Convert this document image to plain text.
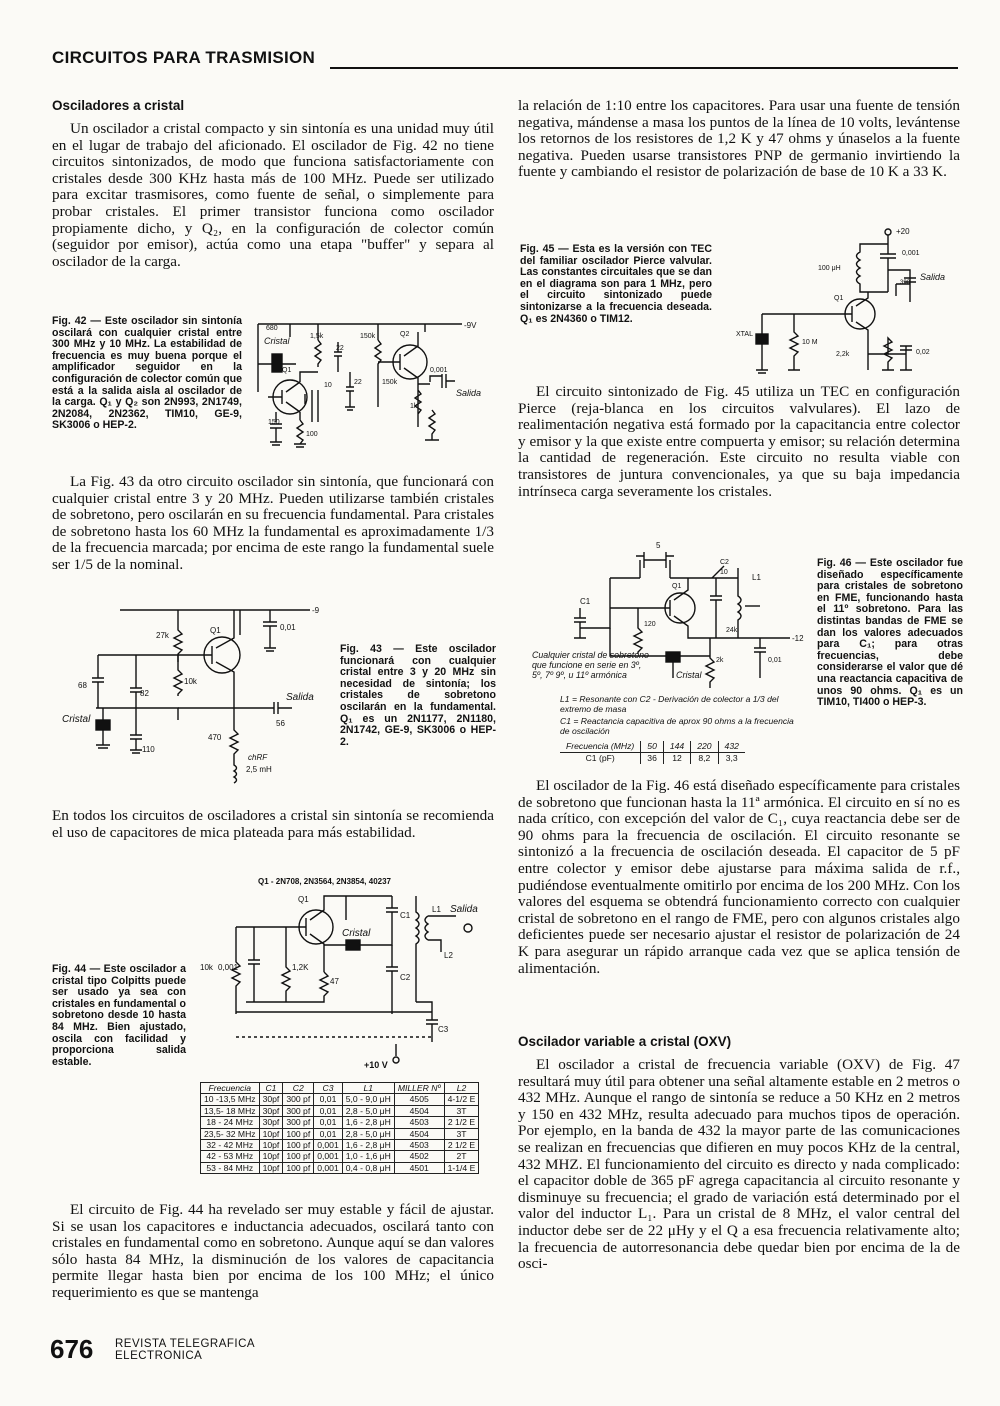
CIRCUITOS PARA TRASMISION
Osciladores a cristal

Un oscilador a cristal compacto y sin sintonía es una unidad muy útil en el lugar de trabajo del aficionado. El oscilador de Fig. 42 no tiene circuitos sintonizados, de modo que funciona satisfactoriamente con cristales desde 300 KHz hasta más de 100 MHz. Puede ser utilizado para excitar trasmisores, como fuente de señal, o simplemente para probar cristales. El primer transistor funciona como oscilador propiamente dicho, y Q₂, en la configuración de colector común (seguidor por emisor), actúa como una etapa "buffer" y separa al oscilador de la carga.

Fig. 42 — Este oscilador sin sintonía oscilará con cualquier cristal entre 300 MHz y 10 MHz. La estabilidad de frecuencia es muy buena porque el amplificador seguidor en la configuración de colector común que está a la salida aisla al oscilador de la carga. Q₁ y Q₂ son 2N993, 2N1749, 2N2084, 2N2362, TIM10, GE-9, SK3006 o HEP-2.
680
Cristal	1,5k	150k	Q2
-9V
22
Q1
10	22	150k
0,001
Salida
1k
150
100

La Fig. 43 da otro circuito oscilador sin sintonía, que funcionará con cualquier cristal entre 3 y 20 MHz. Pueden utilizarse también cristales de sobretono, pero oscilarán en su frecuencia fundamental. Para cristales de sobretono hasta los 60 MHz la fundamental es aproximadamente 1/3 de la frecuencia marcada; por encima de este rango la fundamental suele ser 1/5 de la nominal.

-9
0,01
27k
Q1
68
82
10k
Cristal
110
Salida
56
470
chRF
2,5 mH
Fig. 43 — Este oscilador funcionará con cualquier cristal entre 3 y 20 MHz sin necesidad de sintonía; los cristales de sobretono oscilarán en la fundamental. Q₁ es un 2N1177, 2N1180, 2N1742, GE-9, SK3006 o HEP-2.

En todos los circuitos de osciladores a cristal sin sintonía se recomienda el uso de capacitores de mica plateada para más estabilidad.

Q1 - 2N708, 2N3564, 2N3854, 40237
Q1
Cristal
C1
L1
L2
Salida
10k 0,001	1,2K
47	C2
C3
+10 V
Fig. 44 — Este oscilador a cristal tipo Colpitts puede ser usado ya sea con cristales en fundamental o sobretono desde 10 hasta 84 MHz. Bien ajustado, oscila con facilidad y proporciona salida estable.
Frecuencia	C1	C2	C3	L1	MILLER Nº	L2
10 -13,5 MHz	30pf	300 pf	0,01	5,0 - 9,0 μH	4505	4-1/2 E
13,5- 18 MHz	30pf	300 pf	0,01	2,8 - 5,0 μH	4504	3T
18 - 24 MHz	30pf	300 pf	0,01	1,6 - 2,8 μH	4503	2 1/2 E
23,5- 32 MHz	10pf	100 pf	0,01	2,8 - 5,0 μH	4504	3T
32 - 42 MHz	10pf	100 pf	0,001	1,6 - 2,8 μH	4503	2 1/2 E
42 - 53 MHz	10pf	100 pf	0,001	1,0 - 1,6 μH	4502	2T
53 - 84 MHz	10pf	100 pf	0,001	0,4 - 0,8 μH	4501	1-1/4 E

El circuito de Fig. 44 ha revelado ser muy estable y fácil de ajustar. Si se usan los capacitores e inductancia adecuados, oscilará tanto con cristales en fundamental como en sobretono. Aunque aquí se dan valores sólo hasta 84 MHz, la disminución de los valores de capacitancia permite llegar hasta bien por encima de los 100 MHz; el único requerimiento es que se mantenga

la relación de 1:10 entre los capacitores. Para usar una fuente de tensión negativa, mándense a masa los puntos de la línea de 10 volts, levántense los retornos de los resistores de 1,2 K y 47 ohms y únaselos a la fuente negativa. Pueden usarse transistores PNP de germanio invirtiendo la fuente y cambiando el resistor de polarización de base de 10 K a 33 K.

Fig. 45 — Esta es la versión con TEC del familiar oscilador Pierce valvular. Las constantes circuitales que se dan en el diagrama son para 1 MHz, pero el circuito sintonizado puede sintonizarse a la frecuencia deseada. Q₁ es 2N4360 o TIM12.
+20
0,001
100 μH
390
Salida
Q1
XTAL
10 M
2,2k	0,02

El circuito sintonizado de Fig. 45 utiliza un TEC en configuración Pierce (reja-blanca en los circuitos valvulares). El lazo de realimentación negativa está formado por la capacitancia entre colector y emisor y la que existe entre compuerta y emisor; su relación determina la cantidad de regeneración. Este circuito no resulta viable con transistores de juntura convencionales, ya que su baja impedancia intrínseca carga severamente los cristales.

5
C2
10
L1
Q1
C1
120
24k
-12
2k	0,01
Cristal
Cualquier cristal de sobretono que funcione en serie en 3º, 5º, 7º 9º, u 11º armónica
L1 = Resonante con C2 - Derivación de colector a 1/3 del extremo de masa
C1 = Reactancia capacitiva de aprox 90 ohms a la frecuencia de oscilación
Frecuencia (MHz)	50	144	220	432
C1 (pF)	36	12	8,2	3,3
Fig. 46 — Este oscilador fue diseñado específicamente para cristales de sobretono en FME, funcionando hasta el 11º sobretono. Para las distintas bandas de FME se dan los valores adecuados para C₁; para otras frecuencias, debe considerarse el valor que dé una reactancia capacitiva de unos 90 ohms. Q₁ es un TIM10, TI400 o HEP-3.

El oscilador de la Fig. 46 está diseñado específicamente para cristales de sobretono que funcionan hasta la 11ª armónica. El circuito en sí no es nada crítico, con excepción del valor de C₁, cuya reactancia debe ser de 90 ohms para la frecuencia de oscilación. El circuito resonante se sintonizó a la frecuencia de oscilación deseada. El capacitor de 5 pF entre colector y emisor debe ajustarse para máxima salida de r.f., pudiéndose eventualmente omitirlo por encima de los 200 MHz. Con los valores del esquema se obtendrá funcionamiento correcto con cualquier cristal de sobretono en el rango de FME, pero con algunos cristales algo deficientes puede ser necesario ajustar el resistor de polarización de 24 K para asegurar un rápido arranque cada vez que se aplica tensión de alimentación.

Oscilador variable a cristal (OXV)

El oscilador a cristal de frecuencia variable (OXV) de Fig. 47 resultará muy útil para obtener una señal altamente estable en 2 metros o 432 MHz. Aunque el rango de sintonía se reduce a 50 KHz en 2 metros y 150 en 432 MHz, resulta adecuado para muchos tipos de operación. Por ejemplo, en la banda de 432 la mayor parte de las comunicaciones se realizan en frecuencias que difieren en muy pocos KHz de la central, 432 MHZ. El funcionamiento del circuito es directo y nada complicado: el capacitor doble de 365 pF agrega capacitancia al circuito resonante y disminuye su frecuencia; el grado de variación está determinado por el valor del inductor L₁. Para un cristal de 8 MHz, el valor central del inductor debe ser de 22 μHy y el Q a esa frecuencia relativamente alto; la frecuencia de autorresonancia debe quedar bien por encima de la de osci-

676 REVISTA TELEGRAFICA
ELECTRONICA
